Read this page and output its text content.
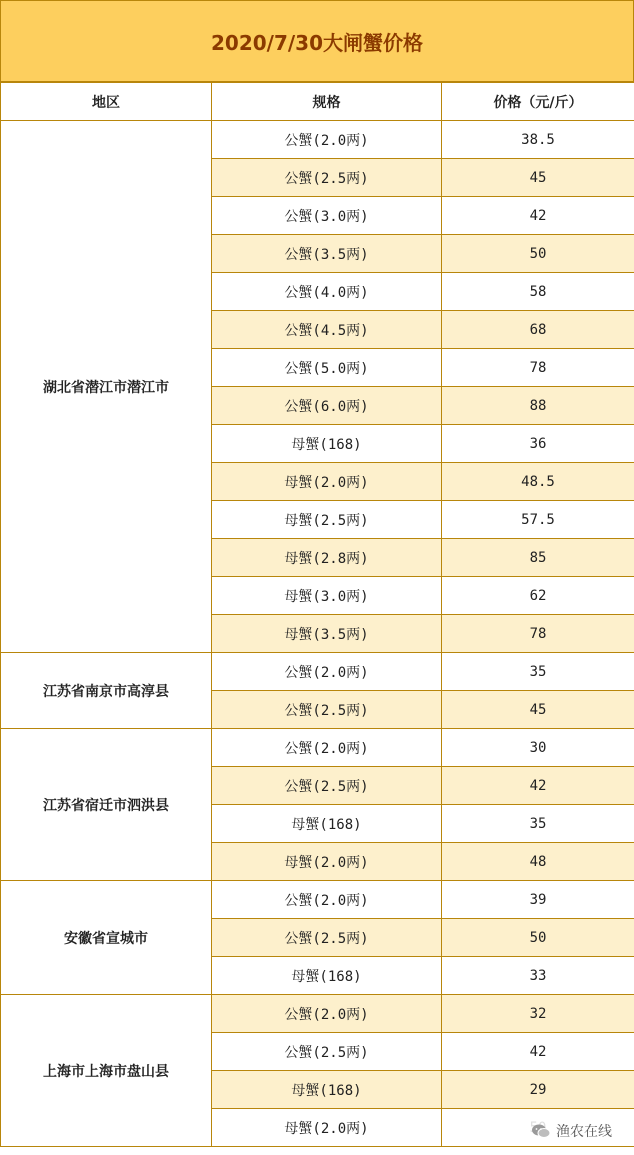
2020/7/30大闸蟹价格
地区	规格	价格（元/斤）
湖北省潜江市潜江市	公蟹(2.0两)	38.5
	公蟹(2.5两)	45
	公蟹(3.0两)	42
	公蟹(3.5两)	50
	公蟹(4.0两)	58
	公蟹(4.5两)	68
	公蟹(5.0两)	78
	公蟹(6.0两)	88
	母蟹(168)	36
	母蟹(2.0两)	48.5
	母蟹(2.5两)	57.5
	母蟹(2.8两)	85
	母蟹(3.0两)	62
	母蟹(3.5两)	78
江苏省南京市高淳县	公蟹(2.0两)	35
	公蟹(2.5两)	45
江苏省宿迁市泗洪县	公蟹(2.0两)	30
	公蟹(2.5两)	42
	母蟹(168)	35
	母蟹(2.0两)	48
安徽省宣城市	公蟹(2.0两)	39
	公蟹(2.5两)	50
	母蟹(168)	33
上海市上海市盘山县	公蟹(2.0两)	32
	公蟹(2.5两)	42
	母蟹(168)	29
	母蟹(2.0两)		渔农在线
